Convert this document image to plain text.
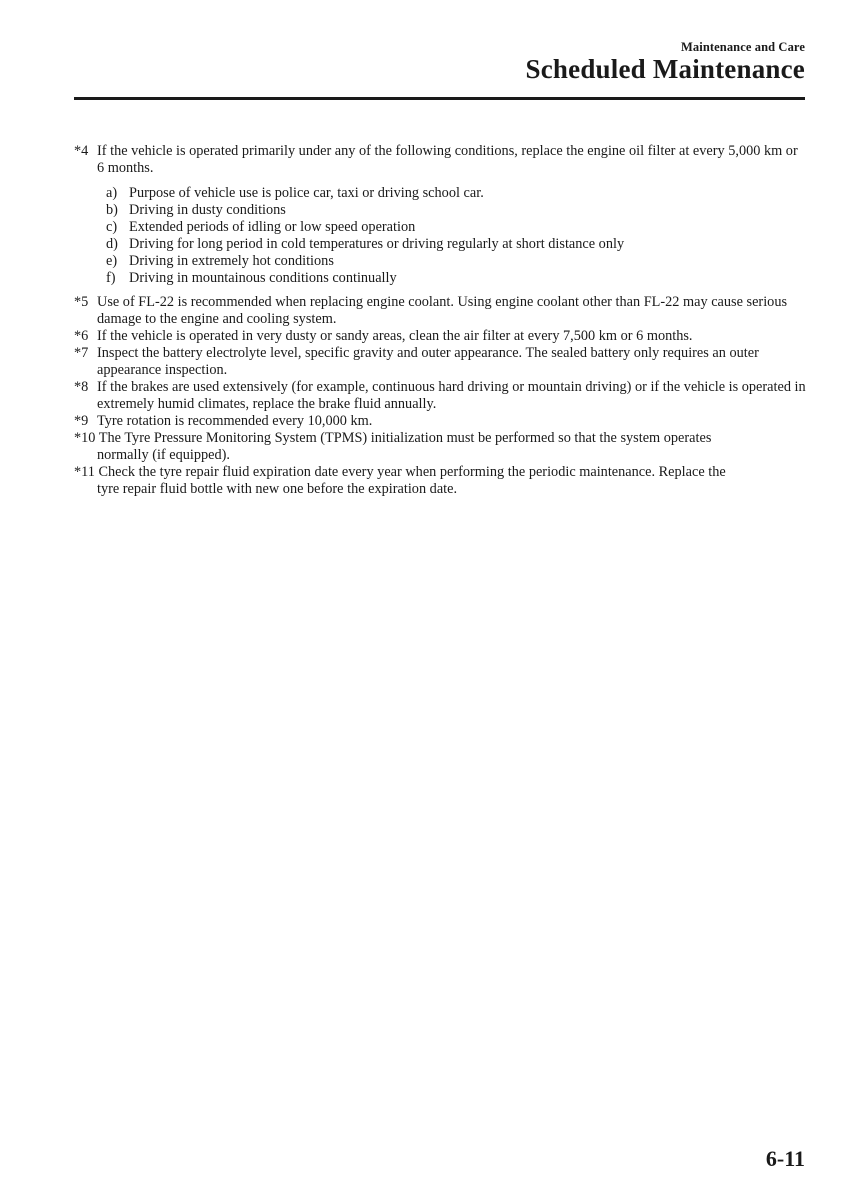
Maintenance and Care
Scheduled Maintenance
*4 If the vehicle is operated primarily under any of the following conditions, replace the engine oil filter at every 5,000 km or 6 months.
a) Purpose of vehicle use is police car, taxi or driving school car.
b) Driving in dusty conditions
c) Extended periods of idling or low speed operation
d) Driving for long period in cold temperatures or driving regularly at short distance only
e) Driving in extremely hot conditions
f) Driving in mountainous conditions continually
*5 Use of FL-22 is recommended when replacing engine coolant. Using engine coolant other than FL-22 may cause serious damage to the engine and cooling system.
*6 If the vehicle is operated in very dusty or sandy areas, clean the air filter at every 7,500 km or 6 months.
*7 Inspect the battery electrolyte level, specific gravity and outer appearance. The sealed battery only requires an outer appearance inspection.
*8 If the brakes are used extensively (for example, continuous hard driving or mountain driving) or if the vehicle is operated in extremely humid climates, replace the brake fluid annually.
*9 Tyre rotation is recommended every 10,000 km.
*10 The Tyre Pressure Monitoring System (TPMS) initialization must be performed so that the system operates
normally (if equipped).
*11 Check the tyre repair fluid expiration date every year when performing the periodic maintenance. Replace the
tyre repair fluid bottle with new one before the expiration date.
6-11
